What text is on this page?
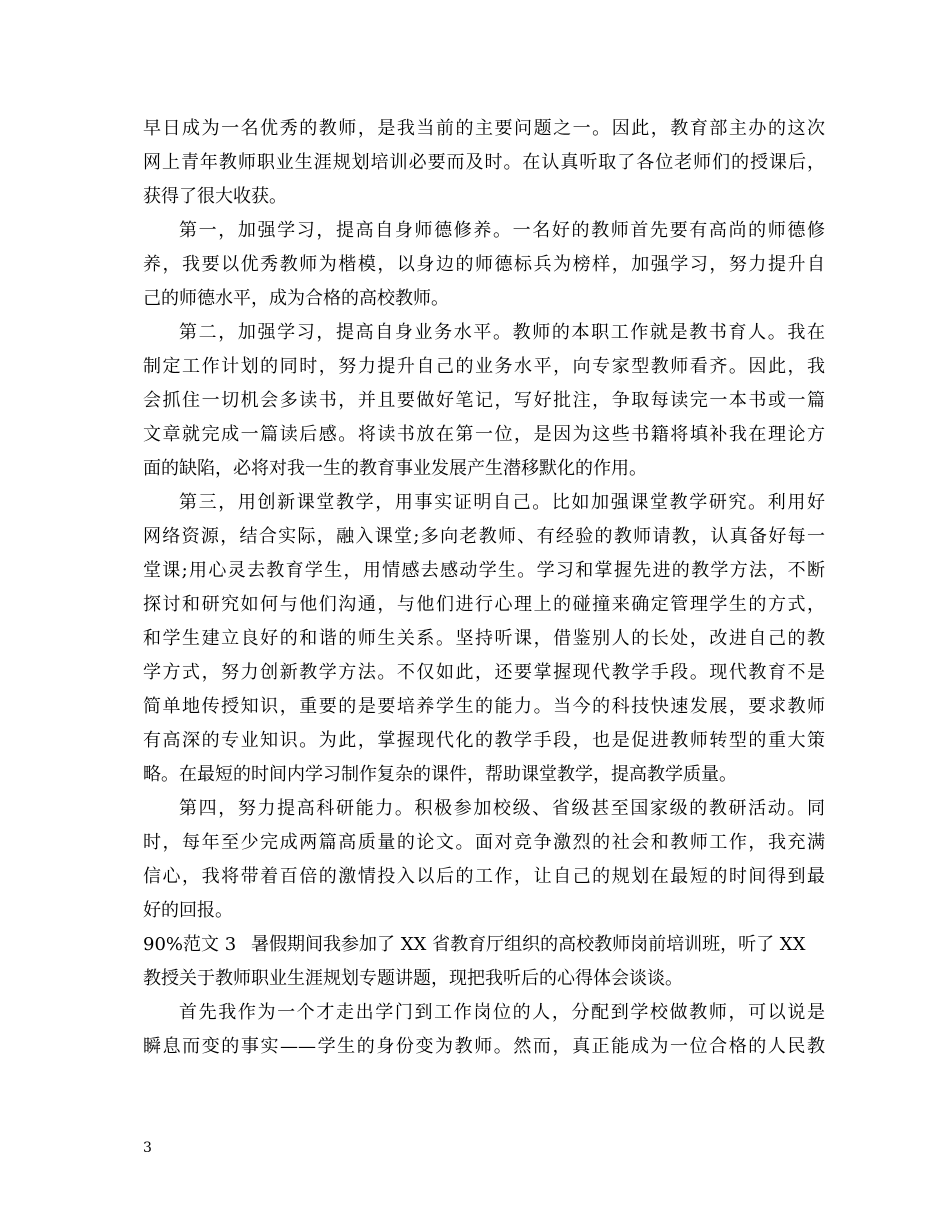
早日成为一名优秀的教师，是我当前的主要问题之一。因此，教育部主办的这次
网上青年教师职业生涯规划培训必要而及时。在认真听取了各位老师们的授课后，
获得了很大收获。
第一，加强学习，提高自身师德修养。一名好的教师首先要有高尚的师德修
养，我要以优秀教师为楷模，以身边的师德标兵为榜样，加强学习，努力提升自
己的师德水平，成为合格的高校教师。
第二，加强学习，提高自身业务水平。教师的本职工作就是教书育人。我在
制定工作计划的同时，努力提升自己的业务水平，向专家型教师看齐。因此，我
会抓住一切机会多读书，并且要做好笔记，写好批注，争取每读完一本书或一篇
文章就完成一篇读后感。将读书放在第一位，是因为这些书籍将填补我在理论方
面的缺陷，必将对我一生的教育事业发展产生潜移默化的作用。
第三，用创新课堂教学，用事实证明自己。比如加强课堂教学研究。利用好
网络资源，结合实际，融入课堂;多向老教师、有经验的教师请教，认真备好每一
堂课;用心灵去教育学生，用情感去感动学生。学习和掌握先进的教学方法，不断
探讨和研究如何与他们沟通，与他们进行心理上的碰撞来确定管理学生的方式，
和学生建立良好的和谐的师生关系。坚持听课，借鉴别人的长处，改进自己的教
学方式，努力创新教学方法。不仅如此，还要掌握现代教学手段。现代教育不是
简单地传授知识，重要的是要培养学生的能力。当今的科技快速发展，要求教师
有高深的专业知识。为此，掌握现代化的教学手段，也是促进教师转型的重大策
略。在最短的时间内学习制作复杂的课件，帮助课堂教学，提高教学质量。
第四，努力提高科研能力。积极参加校级、省级甚至国家级的教研活动。同
时，每年至少完成两篇高质量的论文。面对竞争激烈的社会和教师工作，我充满
信心，我将带着百倍的激情投入以后的工作，让自己的规划在最短的时间得到最
好的回报。
90%范文 3 暑假期间我参加了 XX 省教育厅组织的高校教师岗前培训班，听了 XX
教授关于教师职业生涯规划专题讲题，现把我听后的心得体会谈谈。
首先我作为一个才走出学门到工作岗位的人，分配到学校做教师，可以说是
瞬息而变的事实——学生的身份变为教师。然而，真正能成为一位合格的人民教
3
